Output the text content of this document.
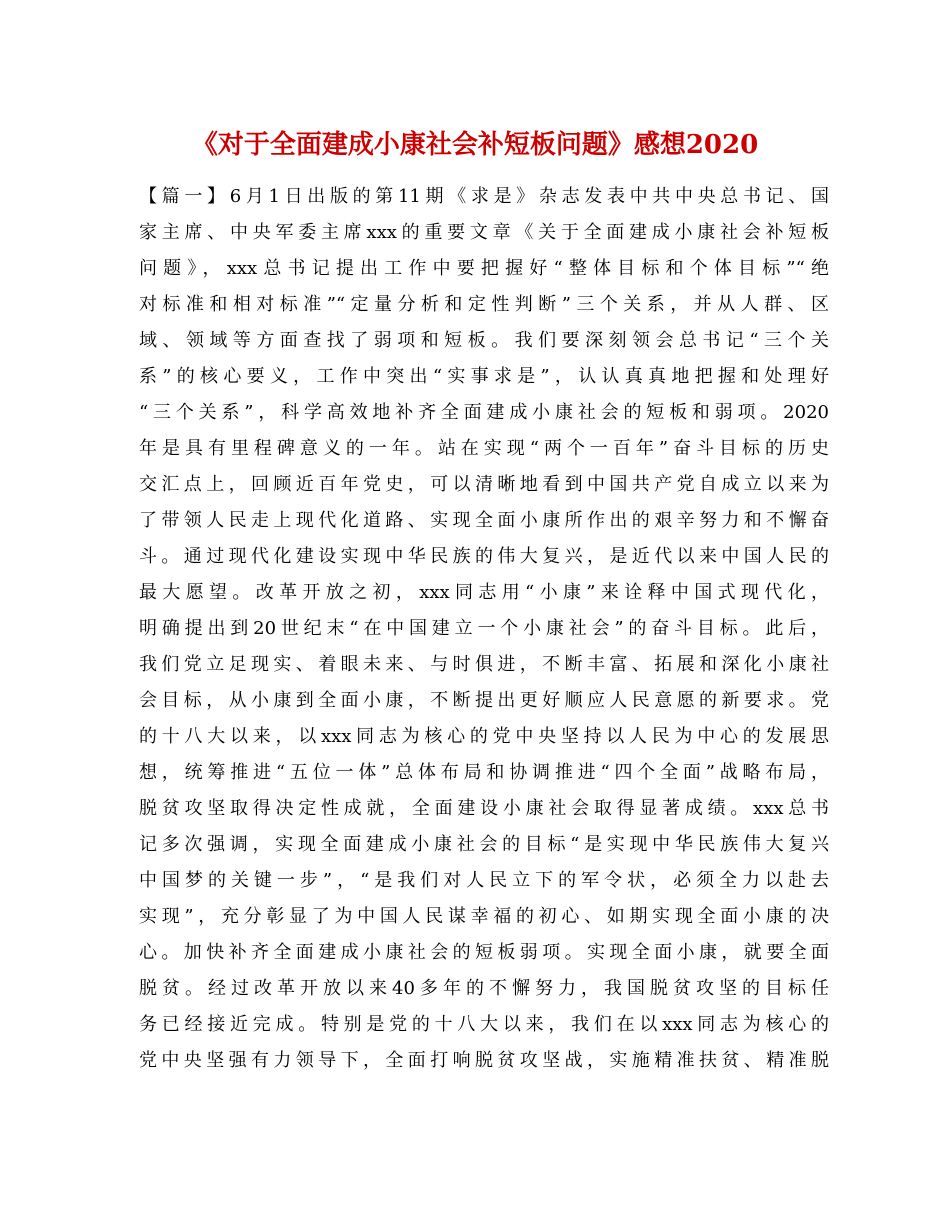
《对于全面建成小康社会补短板问题》感想2020
【篇一】6月1日出版的第11期《求是》杂志发表中共中央总书记、国
家主席、中央军委主席xxx的重要文章《关于全面建成小康社会补短板
问题》，xxx总书记提出工作中要把握好“整体目标和个体目标”“绝
对标准和相对标准”“定量分析和定性判断”三个关系，并从人群、区
域、领域等方面查找了弱项和短板。我们要深刻领会总书记“三个关
系”的核心要义，工作中突出“实事求是”，认认真真地把握和处理好
“三个关系”，科学高效地补齐全面建成小康社会的短板和弱项。2020
年是具有里程碑意义的一年。站在实现“两个一百年”奋斗目标的历史
交汇点上，回顾近百年党史，可以清晰地看到中国共产党自成立以来为
了带领人民走上现代化道路、实现全面小康所作出的艰辛努力和不懈奋
斗。通过现代化建设实现中华民族的伟大复兴，是近代以来中国人民的
最大愿望。改革开放之初，xxx同志用“小康”来诠释中国式现代化，
明确提出到20世纪末“在中国建立一个小康社会”的奋斗目标。此后，
我们党立足现实、着眼未来、与时俱进，不断丰富、拓展和深化小康社
会目标，从小康到全面小康，不断提出更好顺应人民意愿的新要求。党
的十八大以来，以xxx同志为核心的党中央坚持以人民为中心的发展思
想，统筹推进“五位一体”总体布局和协调推进“四个全面”战略布局，
脱贫攻坚取得决定性成就，全面建设小康社会取得显著成绩。xxx总书
记多次强调，实现全面建成小康社会的目标“是实现中华民族伟大复兴
中国梦的关键一步”，“是我们对人民立下的军令状，必须全力以赴去
实现”，充分彰显了为中国人民谋幸福的初心、如期实现全面小康的决
心。加快补齐全面建成小康社会的短板弱项。实现全面小康，就要全面
脱贫。经过改革开放以来40多年的不懈努力，我国脱贫攻坚的目标任
务已经接近完成。特别是党的十八大以来，我们在以xxx同志为核心的
党中央坚强有力领导下，全面打响脱贫攻坚战，实施精准扶贫、精准脱
